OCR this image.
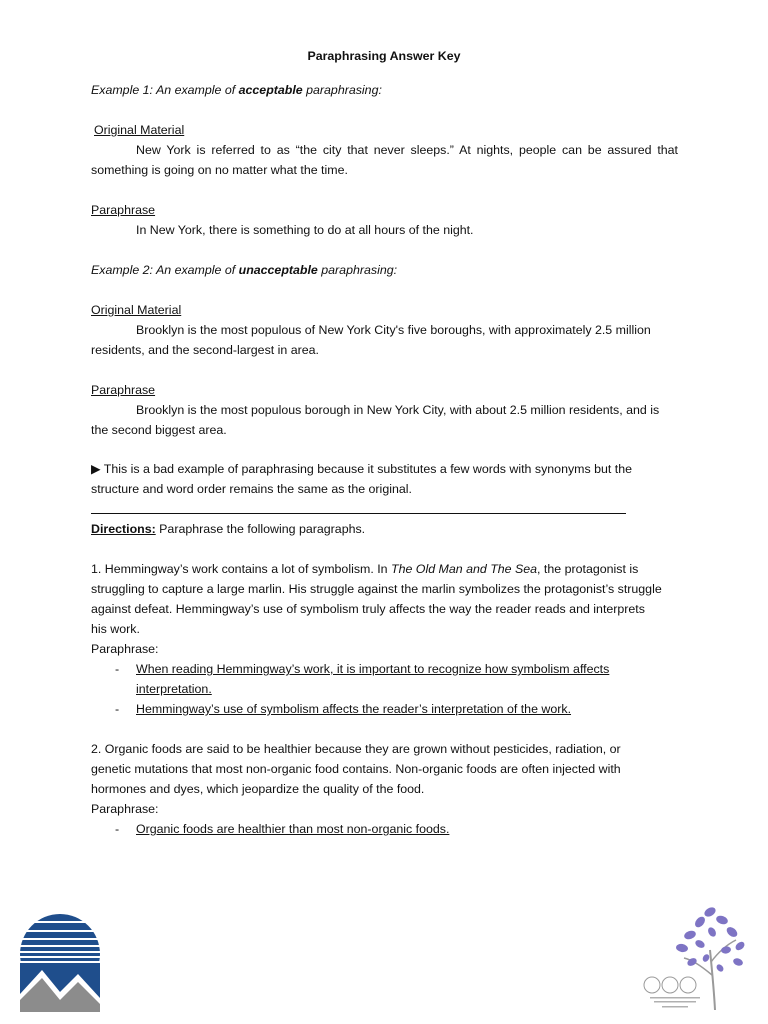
Paraphrasing Answer Key
Example 1: An example of acceptable paraphrasing:
Original Material
New York is referred to as “the city that never sleeps.” At nights, people can be assured that
something is going on no matter what the time.
Paraphrase
In New York, there is something to do at all hours of the night.
Example 2: An example of unacceptable paraphrasing:
Original Material
Brooklyn is the most populous of New York City's five boroughs, with approximately 2.5 million
residents, and the second-largest in area.
Paraphrase
Brooklyn is the most populous borough in New York City, with about 2.5 million residents, and is
the second biggest area.
▶ This is a bad example of paraphrasing because it substitutes a few words with synonyms but the
structure and word order remains the same as the original.
Directions: Paraphrase the following paragraphs.
1. Hemmingway’s work contains a lot of symbolism. In The Old Man and The Sea, the protagonist is
struggling to capture a large marlin. His struggle against the marlin symbolizes the protagonist’s struggle
against defeat. Hemmingway’s use of symbolism truly affects the way the reader reads and interprets
his work.
Paraphrase:
- When reading Hemmingway’s work, it is important to recognize how symbolism affects
interpretation.
- Hemmingway’s use of symbolism affects the reader’s interpretation of the work.
2. Organic foods are said to be healthier because they are grown without pesticides, radiation, or
genetic mutations that most non-organic food contains. Non-organic foods are often injected with
hormones and dyes, which jeopardize the quality of the food.
Paraphrase:
- Organic foods are healthier than most non-organic foods.
